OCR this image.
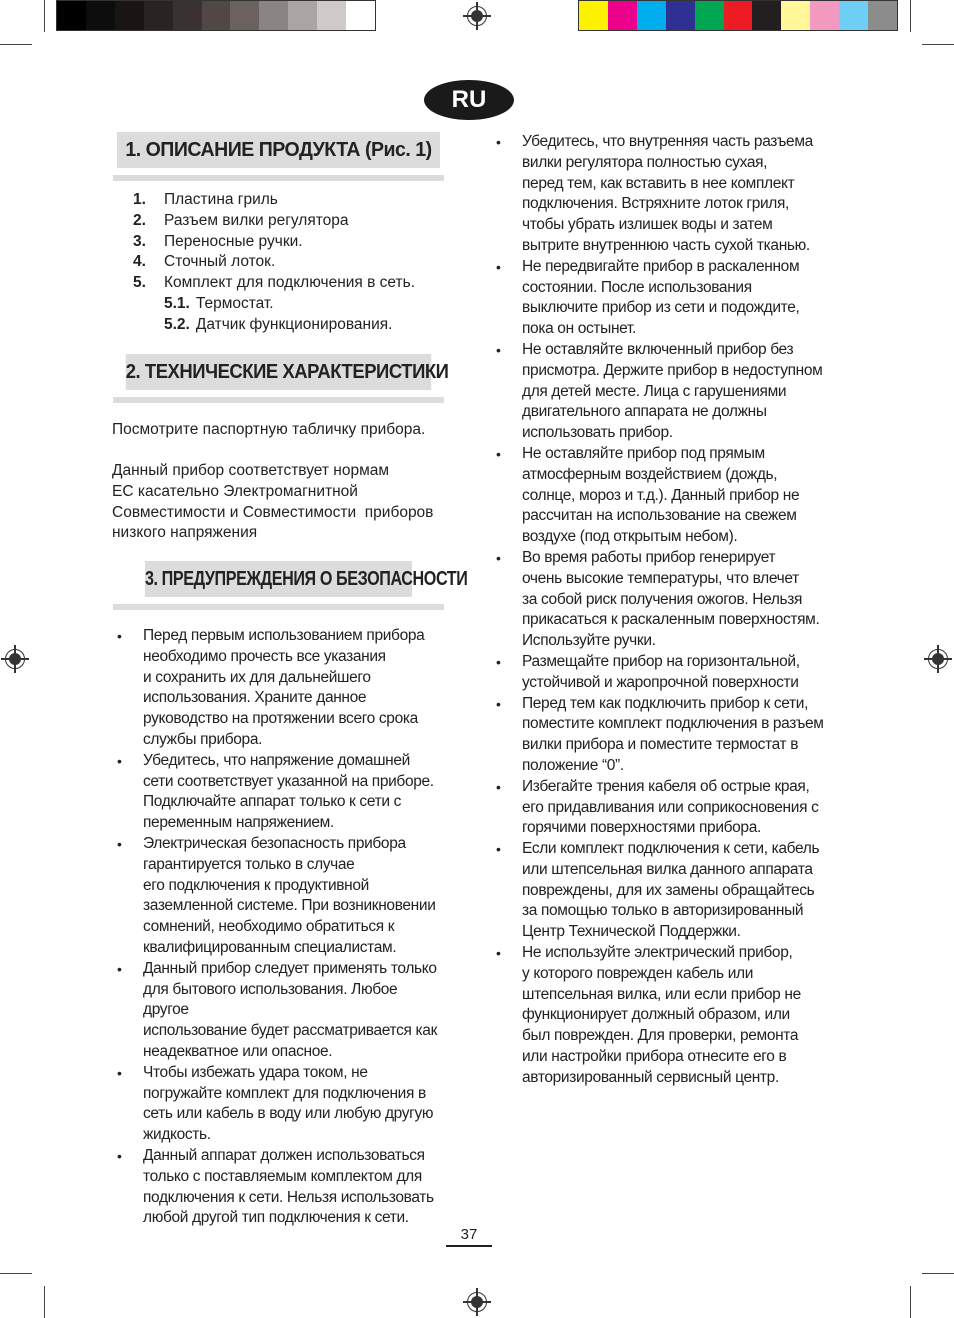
RU
1. ОПИСАНИЕ ПРОДУКТА (Рис. 1)
1.	Пластина гриль
2.	Разъем вилки регулятора
3.	Переносные ручки.
4.	Сточный лоток.
5.	Комплект для подключения в сеть.
5.1. Термостат.
5.2. Датчик функционирования.
2. ТЕХНИЧЕСКИЕ ХАРАКТЕРИСТИКИ
Посмотрите паспортную табличку прибора.
Данный прибор соответствует нормам
ЕС касательно Электромагнитной
Совместимости и Совместимости  приборов
низкого напряжения
3. ПРЕДУПРЕЖДЕНИЯ О БЕЗОПАСНОСТИ
• Перед первым использованием прибора
необходимо прочесть все указания
и сохранить их для дальнейшего
использования. Храните данное
руководство на протяжении всего срока
службы прибора.
• Убедитесь, что напряжение домашней
сети соответствует указанной на приборе.
Подключайте аппарат только к сети с
переменным напряжением.
• Электрическая безопасность прибора
гарантируется только в случае
его подключения к продуктивной
заземленной системе. При возникновении
сомнений, необходимо обратиться к
квалифицированным специалистам.
• Данный прибор следует применять только
для бытового использования. Любое другое
использование будет рассматривается как
неадекватное или опасное.
• Чтобы избежать удара током, не
погружайте комплект для подключения в
сеть или кабель в воду или любую другую
жидкость.
• Данный аппарат должен использоваться
только с поставляемым комплектом для
подключения к сети. Нельзя использовать
любой другой тип подключения к сети.
• Убедитесь, что внутренняя часть разъема
вилки регулятора полностью сухая,
перед тем, как вставить в нее комплект
подключения. Встряхните лоток гриля,
чтобы убрать излишек воды и затем
вытрите внутреннюю часть сухой тканью.
• Не передвигайте прибор в раскаленном
состоянии. После использования
выключите прибор из сети и подождите,
пока он остынет.
• Не оставляйте включенный прибор без
присмотра. Держите прибор в недоступном
для детей месте. Лица с гарушениями
двигательного аппарата не должны
использовать прибор.
• Не оставляйте прибор под прямым
атмосферным воздействием (дождь,
солнце, мороз и т.д.). Данный прибор не
рассчитан на использование на свежем
воздухе (под открытым небом).
• Во время работы прибор генерирует
очень высокие температуры, что влечет
за собой риск получения ожогов. Нельзя
прикасаться к раскаленным поверхностям.
Используйте ручки.
• Размещайте прибор на горизонтальной,
устойчивой и жаропрочной поверхности
• Перед тем как подключить прибор к сети,
поместите комплект подключения в разъем
вилки прибора и поместите термостат в
положение “0”.
• Избегайте трения кабеля об острые края,
его придавливания или соприкосновения с
горячими поверхностями прибора.
• Если комплект подключения к сети, кабель
или штепсельная вилка данного аппарата
повреждены, для их замены обращайтесь
за помощью только в авторизированный
Центр Технической Поддержки.
• Не используйте электрический прибор,
у которого поврежден кабель или
штепсельная вилка, или если прибор не
функционирует должный образом, или
был поврежден. Для проверки, ремонта
или настройки прибора отнесите его в
авторизированный сервисный центр.
37
